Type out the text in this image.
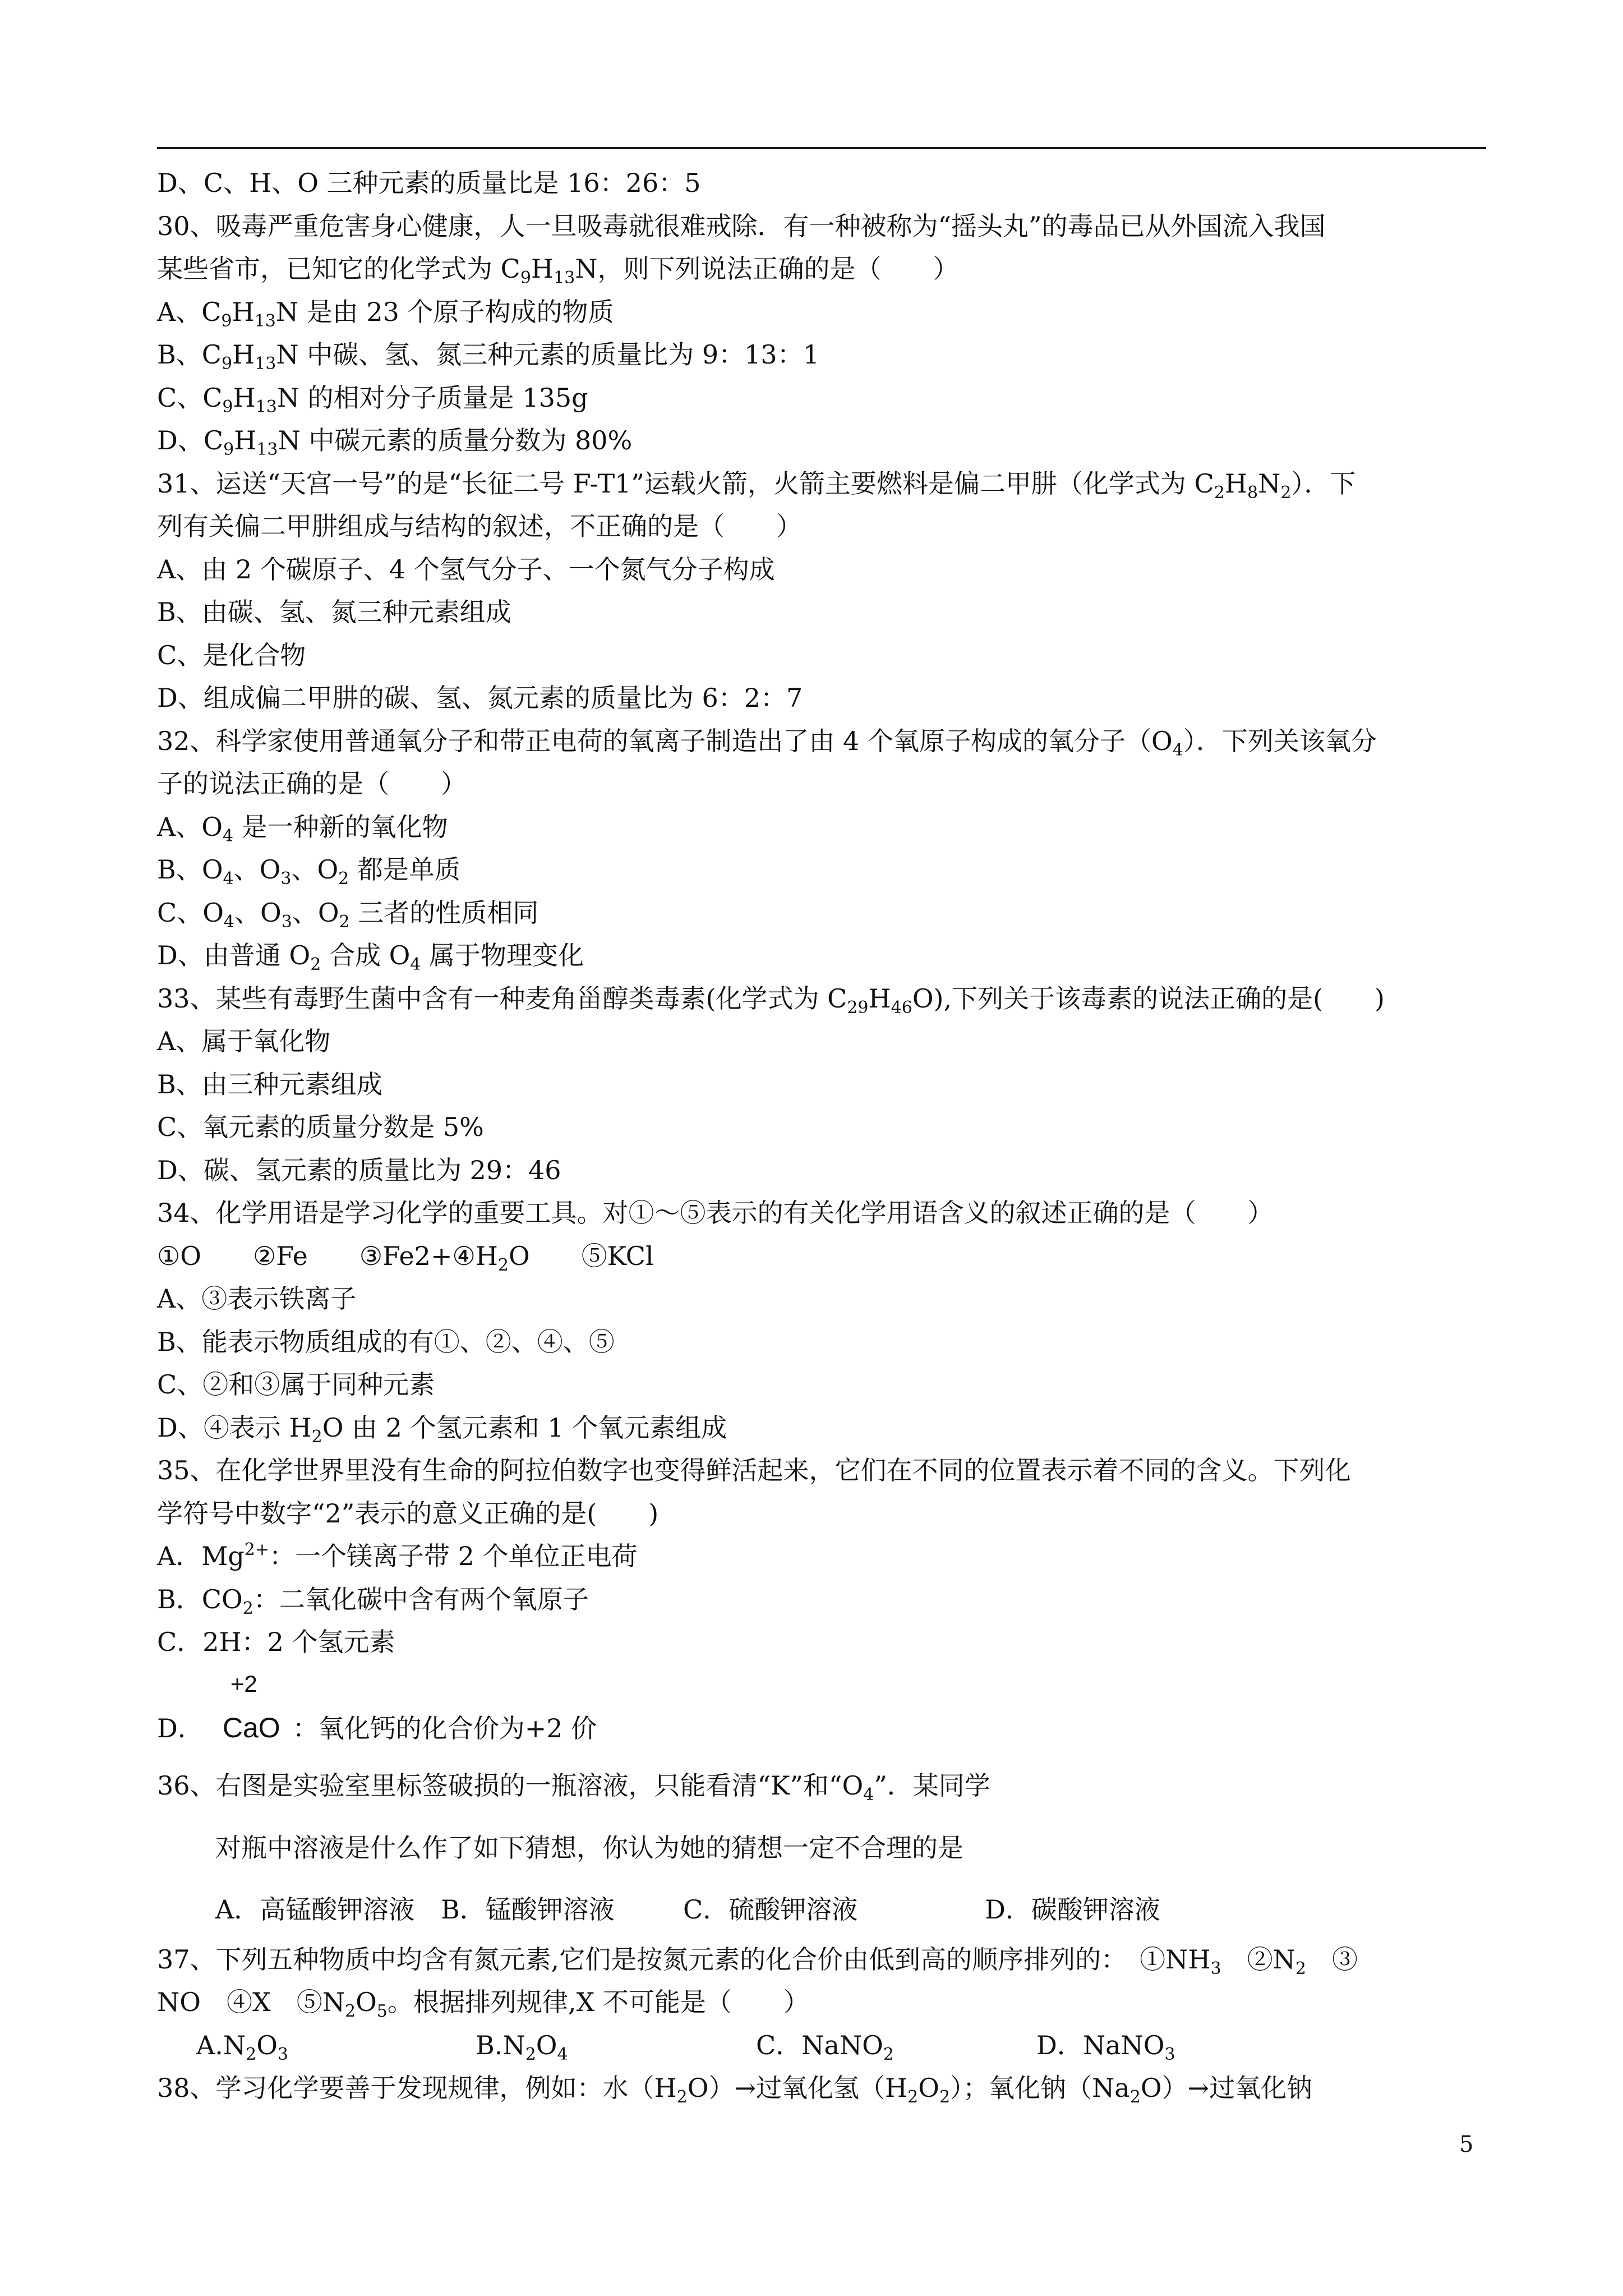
D、C、H、O 三种元素的质量比是 16：26：5
30、吸毒严重危害身心健康，人一旦吸毒就很难戒除．有一种被称为“摇头丸”的毒品已从外国流入我国
某些省市，已知它的化学式为 $C_9H_{13}N$，则下列说法正确的是（　　）
A、$C_9H_{13}N$ 是由 23 个原子构成的物质
B、$C_9H_{13}N$ 中碳、氢、氮三种元素的质量比为 9：13：1
C、$C_9H_{13}N$ 的相对分子质量是 135g
D、$C_9H_{13}N$ 中碳元素的质量分数为 80%
31、运送“天宫一号”的是“长征二号 F-T1”运载火箭，火箭主要燃料是偏二甲肼（化学式为 $C_2H_8N_2$）．下
列有关偏二甲肼组成与结构的叙述，不正确的是（　　）
A、由 2 个碳原子、4 个氢气分子、一个氮气分子构成
B、由碳、氢、氮三种元素组成
C、是化合物
D、组成偏二甲肼的碳、氢、氮元素的质量比为 6：2：7
32、科学家使用普通氧分子和带正电荷的氧离子制造出了由 4 个氧原子构成的氧分子$(O_4)$．下列关该氧分
子的说法正确的是（　　）
A、$O_4$ 是一种新的氧化物
B、$O_4$、$O_3$、$O_2$ 都是单质
C、$O_4$、$O_3$、$O_2$ 三者的性质相同
D、由普通 $O_2$ 合成 $O_4$ 属于物理变化
33、某些有毒野生菌中含有一种麦角甾醇类毒素(化学式为 $C_{29}H_{46}O$),下列关于该毒素的说法正确的是(　　)
A、属于氧化物
B、由三种元素组成
C、氧元素的质量分数是 5%
D、碳、氢元素的质量比为 29：46
34、化学用语是学习化学的重要工具。对①～⑤表示的有关化学用语含义的叙述正确的是（　　）
①O　　②Fe　　$③Fe2+④H_2O$　　⑤KCl
A、③表示铁离子
B、能表示物质组成的有①、②、④、⑤
C、②和③属于同种元素
D、④表示 $H_2O$ 由 2 个氢元素和 1 个氧元素组成
35、在化学世界里没有生命的阿拉伯数字也变得鲜活起来，它们在不同的位置表示着不同的含义。下列化
学符号中数字“2”表示的意义正确的是(　　)
A．$Mg^{2+}$：一个镁离子带 2 个单位正电荷
B．$CO_2$：二氧化碳中含有两个氧原子
C．2H：2 个氢元素
D．
+2
CaO ：氧化钙的化合价为+2 价
36、右图是实验室里标签破损的一瓶溶液，只能看清“K”和“$O_4$”．某同学
对瓶中溶液是什么作了如下猜想，你认为她的猜想一定不合理的是
A．高锰酸钾溶液 B．锰酸钾溶液	C．硫酸钾溶液	D．碳酸钾溶液
37、下列五种物质中均含有氮元素,它们是按氮元素的化合价由低到高的顺序排列的：　$①NH_3$　$②N_2$　③
NO　④X　$⑤N_2O_5$。根据排列规律,X 不可能是（　　）
A.N2O3	B.N2O4	C．NaNO2	D．NaNO3
38、学习化学要善于发现规律，例如：水$(H_2O)\to$过氧化氢$(H_2O_2)$；氧化钠$(Na_2O)\to$过氧化钠
5
